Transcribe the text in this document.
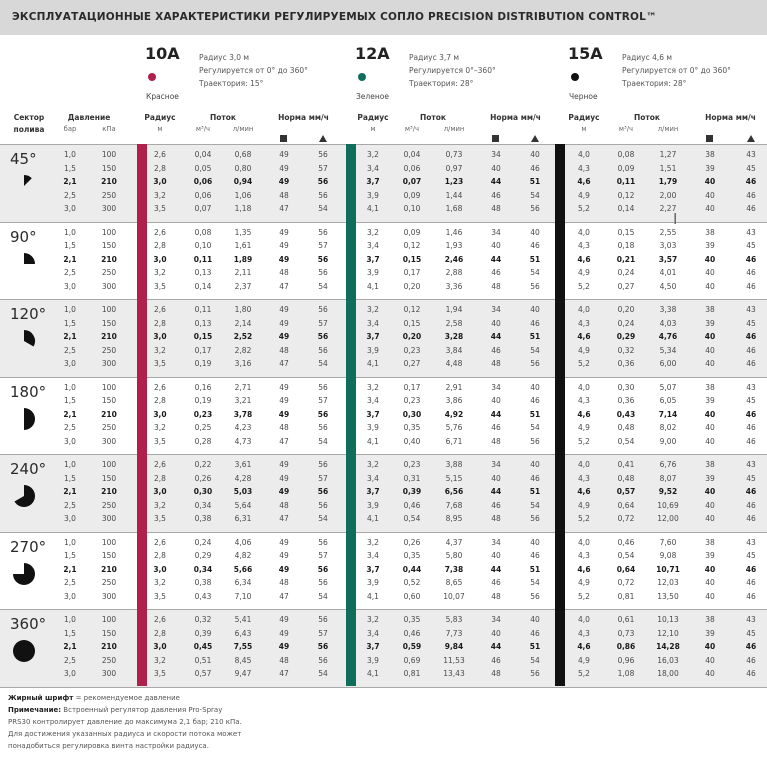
ЭКСПЛУАТАЦИОННЫЕ ХАРАКТЕРИСТИКИ РЕГУЛИРУЕМЫХ СОПЛО PRECISION DISTRIBUTION CONTROL™
10A	Радиус 3,0 м
Регулируется от 0° до 360°
Траектория: 15°
Красное
12A	Радиус 3,7 м
Регулируется 0°–360°
Траектория: 28°
Зеленое
15A	Радиус 4,6 м
Регулируется от 0° до 360°
Траектория: 28°
Черное
Сектор
полива
Давление
бар	кПа
Радиус
м
Поток
м³/ч	л/мин
Норма мм/ч	Радиус
м
Поток
м³/ч	л/мин
Норма мм/ч	Радиус
м
Поток
м³/ч	л/мин
Норма мм/ч
45°	1,0	100	2,6	0,04	0,68	49	56	3,2	0,04	0,73	34	40	4,0	0,08	1,27	38	43
1,5	150	2,8	0,05	0,80	49	57	3,4	0,06	0,97	40	46	4,3	0,09	1,51	39	45
2,1	210	3,0	0,06	0,94	49	56	3,7	0,07	1,23	44	51	4,6	0,11	1,79	40	46
2,5	250	3,2	0,06	1,06	48	56	3,9	0,09	1,44	46	54	4,9	0,12	2,00	40	46
3,0	300	3,5	0,07	1,18	47	54	4,1	0,10	1,68	48	56	5,2	0,14	2,27	40	46
90°	1,0	100	2,6	0,08	1,35	49	56	3,2	0,09	1,46	34	40	4,0	0,15	2,55	38	43
1,5	150	2,8	0,10	1,61	49	57	3,4	0,12	1,93	40	46	4,3	0,18	3,03	39	45
2,1	210	3,0	0,11	1,89	49	56	3,7	0,15	2,46	44	51	4,6	0,21	3,57	40	46
2,5	250	3,2	0,13	2,11	48	56	3,9	0,17	2,88	46	54	4,9	0,24	4,01	40	46
3,0	300	3,5	0,14	2,37	47	54	4,1	0,20	3,36	48	56	5,2	0,27	4,50	40	46
120°	1,0	100	2,6	0,11	1,80	49	56	3,2	0,12	1,94	34	40	4,0	0,20	3,38	38	43
1,5	150	2,8	0,13	2,14	49	57	3,4	0,15	2,58	40	46	4,3	0,24	4,03	39	45
2,1	210	3,0	0,15	2,52	49	56	3,7	0,20	3,28	44	51	4,6	0,29	4,76	40	46
2,5	250	3,2	0,17	2,82	48	56	3,9	0,23	3,84	46	54	4,9	0,32	5,34	40	46
3,0	300	3,5	0,19	3,16	47	54	4,1	0,27	4,48	48	56	5,2	0,36	6,00	40	46
180°	1,0	100	2,6	0,16	2,71	49	56	3,2	0,17	2,91	34	40	4,0	0,30	5,07	38	43
1,5	150	2,8	0,19	3,21	49	57	3,4	0,23	3,86	40	46	4,3	0,36	6,05	39	45
2,1	210	3,0	0,23	3,78	49	56	3,7	0,30	4,92	44	51	4,6	0,43	7,14	40	46
2,5	250	3,2	0,25	4,23	48	56	3,9	0,35	5,76	46	54	4,9	0,48	8,02	40	46
3,0	300	3,5	0,28	4,73	47	54	4,1	0,40	6,71	48	56	5,2	0,54	9,00	40	46
240°	1,0	100	2,6	0,22	3,61	49	56	3,2	0,23	3,88	34	40	4,0	0,41	6,76	38	43
1,5	150	2,8	0,26	4,28	49	57	3,4	0,31	5,15	40	46	4,3	0,48	8,07	39	45
2,1	210	3,0	0,30	5,03	49	56	3,7	0,39	6,56	44	51	4,6	0,57	9,52	40	46
2,5	250	3,2	0,34	5,64	48	56	3,9	0,46	7,68	46	54	4,9	0,64	10,69	40	46
3,0	300	3,5	0,38	6,31	47	54	4,1	0,54	8,95	48	56	5,2	0,72	12,00	40	46
270°	1,0	100	2,6	0,24	4,06	49	56	3,2	0,26	4,37	34	40	4,0	0,46	7,60	38	43
1,5	150	2,8	0,29	4,82	49	57	3,4	0,35	5,80	40	46	4,3	0,54	9,08	39	45
2,1	210	3,0	0,34	5,66	49	56	3,7	0,44	7,38	44	51	4,6	0,64	10,71	40	46
2,5	250	3,2	0,38	6,34	48	56	3,9	0,52	8,65	46	54	4,9	0,72	12,03	40	46
3,0	300	3,5	0,43	7,10	47	54	4,1	0,60	10,07	48	56	5,2	0,81	13,50	40	46
360°	1,0	100	2,6	0,32	5,41	49	56	3,2	0,35	5,83	34	40	4,0	0,61	10,13	38	43
1,5	150	2,8	0,39	6,43	49	57	3,4	0,46	7,73	40	46	4,3	0,73	12,10	39	45
2,1	210	3,0	0,45	7,55	49	56	3,7	0,59	9,84	44	51	4,6	0,86	14,28	40	46
2,5	250	3,2	0,51	8,45	48	56	3,9	0,69	11,53	46	54	4,9	0,96	16,03	40	46
3,0	300	3,5	0,57	9,47	47	54	4,1	0,81	13,43	48	56	5,2	1,08	18,00	40	46
Жирный шрифт = рекомендуемое давление
Примечание: Встроенный регулятор давления Pro-Spray
PRS30 контролирует давление до максимума 2,1 бар; 210 кПа.
Для достижения указанных радиуса и скорости потока может
понадобиться регулировка винта настройки радиуса.
I
